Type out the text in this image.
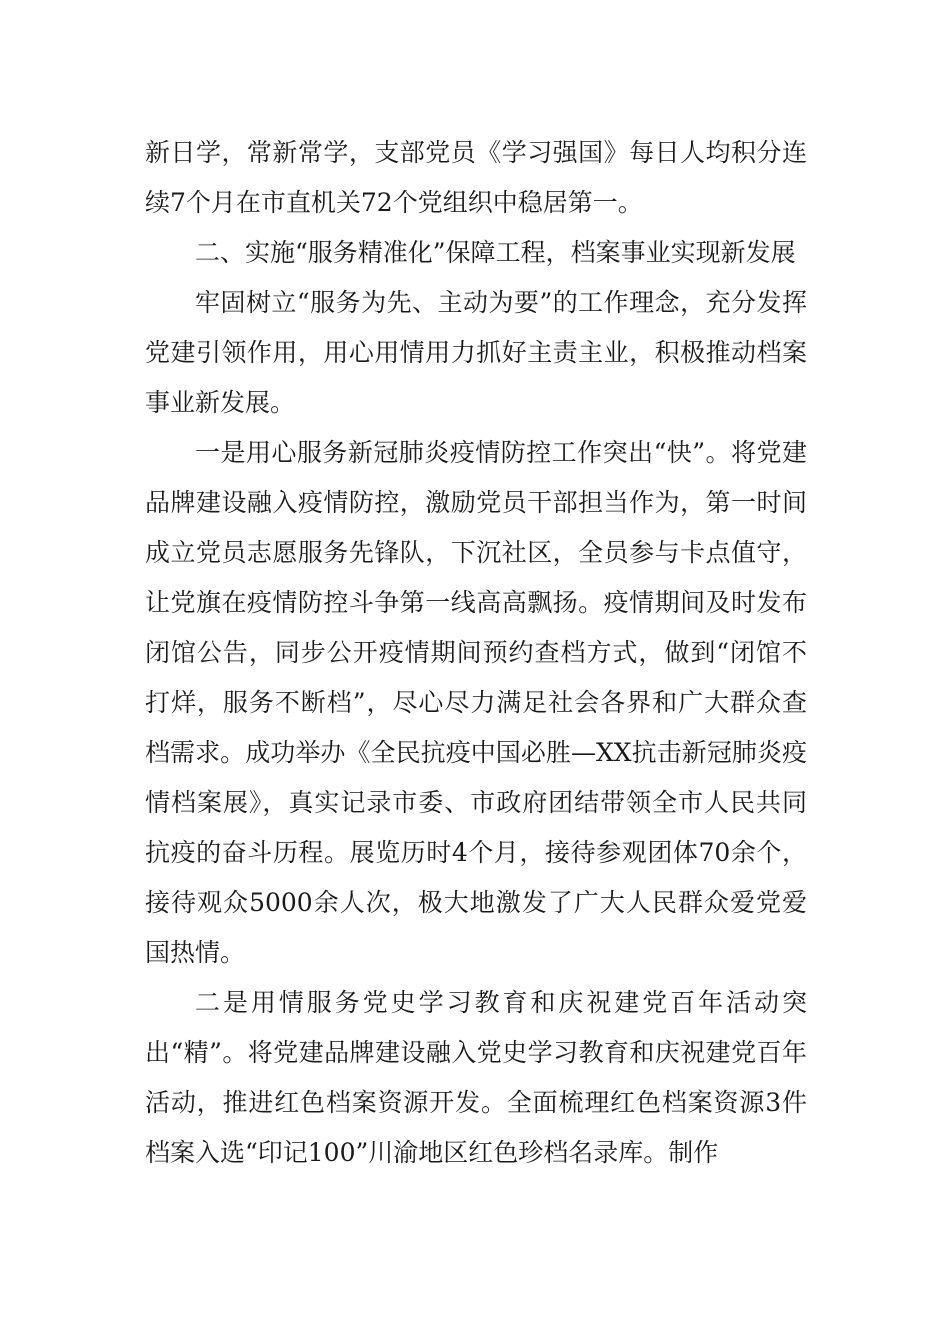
新日学，常新常学，支部党员《学习强国》每日人均积分连续7个月在市直机关72个党组织中稳居第一。

二、实施“服务精准化”保障工程，档案事业实现新发展

牢固树立“服务为先、主动为要”的工作理念，充分发挥党建引领作用，用心用情用力抓好主责主业，积极推动档案事业新发展。

一是用心服务新冠肺炎疫情防控工作突出“快”。将党建品牌建设融入疫情防控，激励党员干部担当作为，第一时间成立党员志愿服务先锋队，下沉社区，全员参与卡点值守，让党旗在疫情防控斗争第一线高高飘扬。疫情期间及时发布闭馆公告，同步公开疫情期间预约查档方式，做到“闭馆不打烊，服务不断档”，尽心尽力满足社会各界和广大群众查档需求。成功举办《全民抗疫中国必胜—XX抗击新冠肺炎疫情档案展》，真实记录市委、市政府团结带领全市人民共同抗疫的奋斗历程。展览历时4个月，接待参观团体70余个，接待观众5000余人次，极大地激发了广大人民群众爱党爱国热情。

二是用情服务党史学习教育和庆祝建党百年活动突出“精”。将党建品牌建设融入党史学习教育和庆祝建党百年活动，推进红色档案资源开发。全面梳理红色档案资源3件档案入选“印记100”川渝地区红色珍档名录库。制作
